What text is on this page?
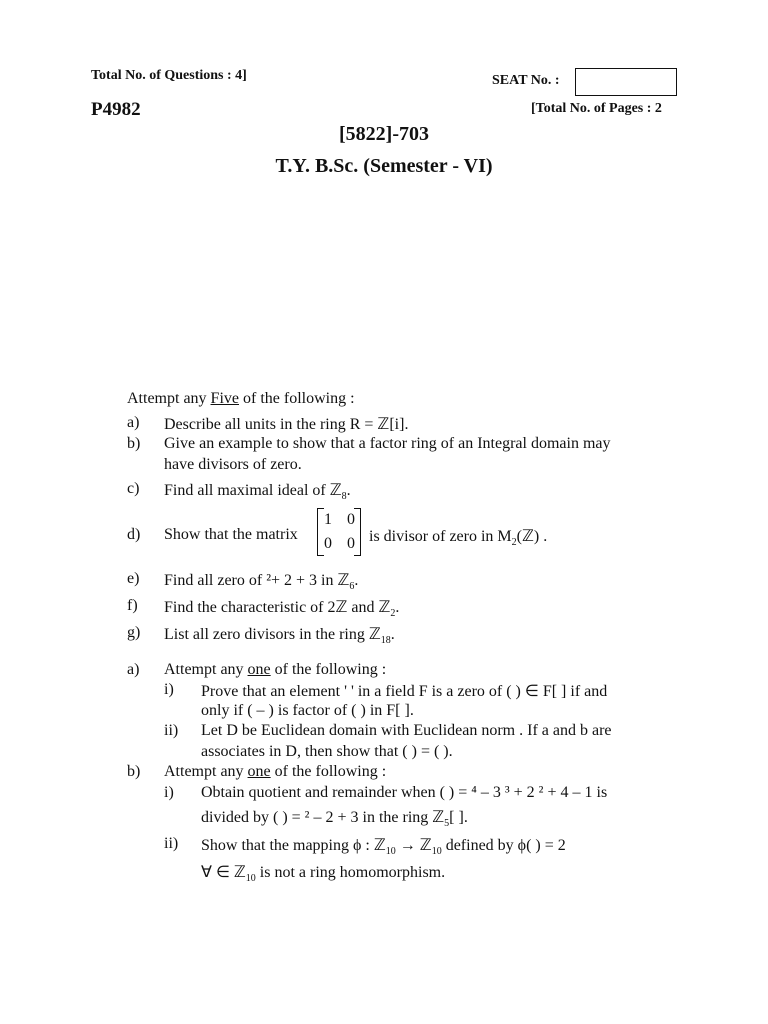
Total No. of Questions : 4]	SEAT No. :
P4982	[Total No. of Pages : 2
[5822]-703
T.Y. B.Sc. (Semester - VI)
Attempt any Five of the following :
a) Describe all units in the ring R = ℤ[i].
b) Give an example to show that a factor ring of an Integral domain may
have divisors of zero.
c) Find all maximal ideal of ℤ$_8$.
d) Show that the matrix
1 0
0 0 is divisor of zero in $M_2(ℤ)$ .
e) Find all zero of ²+ 2 + 3 in ℤ$_6$.
f) Find the characteristic of 2ℤ and ℤ$_2$.
g) List all zero divisors in the ring ℤ$_{18}$.
a) Attempt any one of the following :
i) Prove that an element ' ' in a field F is a zero of ( ) ∈ F[ ] if and
only if ( – ) is factor of ( ) in F[ ].
ii) Let D be Euclidean domain with Euclidean norm . If a and b are
associates in D, then show that ( ) = ( ).
b) Attempt any one of the following :
i) Obtain quotient and remainder when ( ) = ⁴ – 3 ³ + 2 ² + 4 – 1 is
divided by ( ) = ² – 2 + 3 in the ring ℤ$_5$[ ].
ii) Show that the mapping ϕ : ℤ$_{10}$ → ℤ$_{10}$ defined by ϕ( ) = 2
∀ ∈ ℤ$_{10}$ is not a ring homomorphism.
